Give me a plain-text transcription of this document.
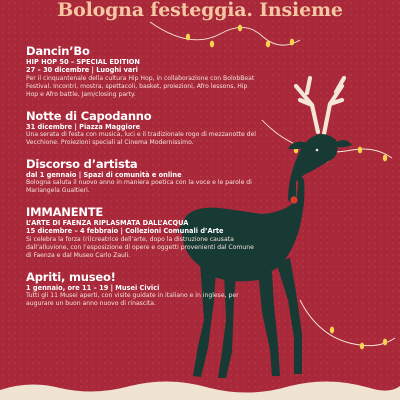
Bologna festeggia. Insieme
Dancin’Bo
HIP HOP 50 – SPECIAL EDITION
27 – 30 dicembre | Luoghi vari
Per il cinquantenale della cultura Hip Hop, in collaborazione con BolobBeat Festival. Incontri, mostra, spettacoli, basket, proiezioni, Afro lessons, Hip Hop e Afro battle, Jam/closing party.
Notte di Capodanno
31 dicembre | Piazza Maggiore
Una serata di festa con musica, luci e il tradizionale rogo di mezzanotte del Vecchione. Proiezioni speciali al Cinema Modernissimo.
Discorso d’artista
dal 1 gennaio | Spazi di comunità e online
Bologna saluta il nuovo anno in maniera poetica con la voce e le parole di Mariangela Gualtieri.
IMMANENTE
L’ARTE DI FAENZA RIPLASMATA DALL’ACQUA
15 dicembre – 4 febbraio | Collezioni Comunali d’Arte
Si celebra la forza (ri)creatrice dell’arte, dopo la distruzione causata dall’alluvione, con l’esposizione di opere e oggetti provenienti dal Comune di Faenza e dal Museo Carlo Zauli.
Apriti, museo!
1 gennaio, ore 11 – 19 | Musei Civici
Tutti gli 11 Musei aperti, con visite guidate in italiano e in inglese, per augurare un buon anno nuovo di rinascita.
